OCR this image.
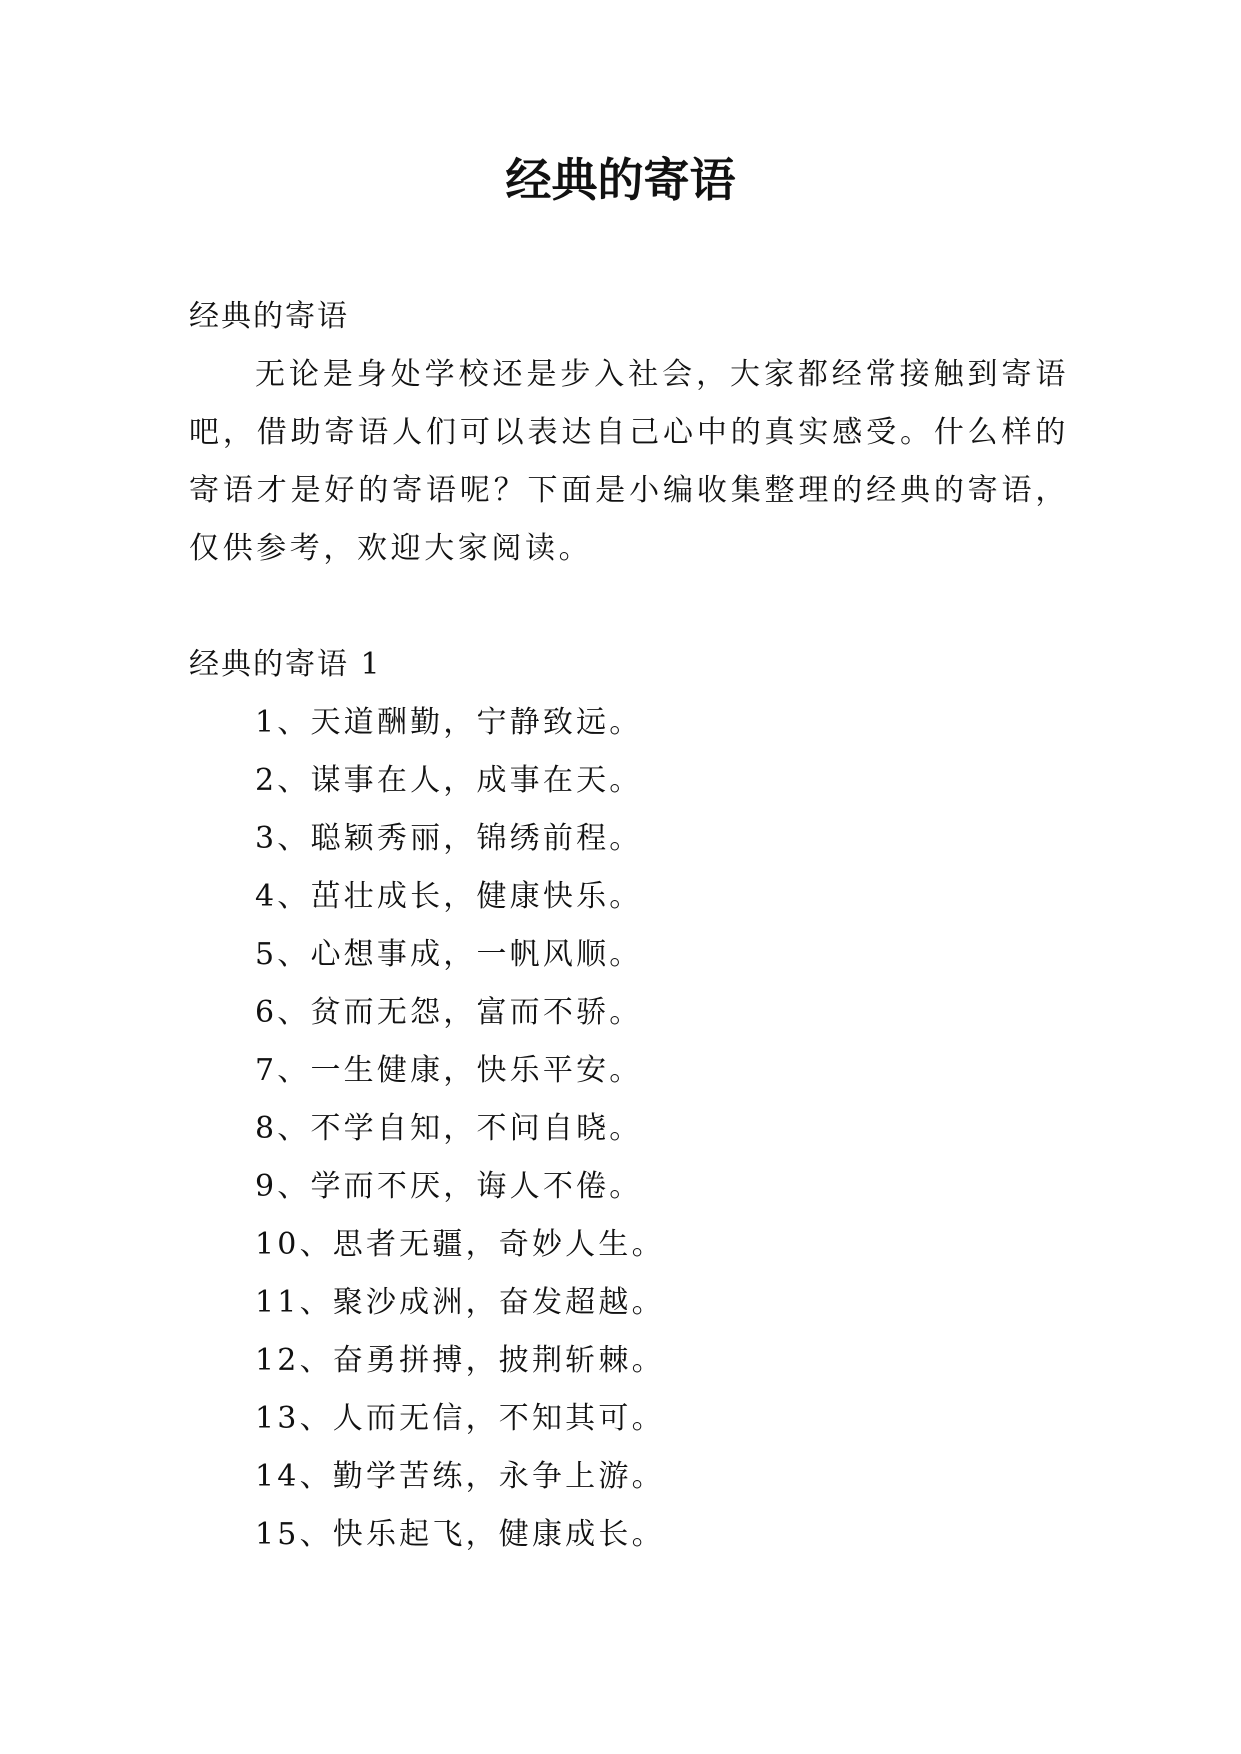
经典的寄语
经典的寄语

无论是身处学校还是步入社会，大家都经常接触到寄语吧，借助寄语人们可以表达自己心中的真实感受。什么样的寄语才是好的寄语呢？下面是小编收集整理的经典的寄语，仅供参考，欢迎大家阅读。

经典的寄语 1
1、天道酬勤，宁静致远。
2、谋事在人，成事在天。
3、聪颖秀丽，锦绣前程。
4、茁壮成长，健康快乐。
5、心想事成，一帆风顺。
6、贫而无怨，富而不骄。
7、一生健康，快乐平安。
8、不学自知，不问自晓。
9、学而不厌，诲人不倦。
10、思者无疆，奇妙人生。
11、聚沙成洲，奋发超越。
12、奋勇拼搏，披荆斩棘。
13、人而无信，不知其可。
14、勤学苦练，永争上游。
15、快乐起飞，健康成长。
